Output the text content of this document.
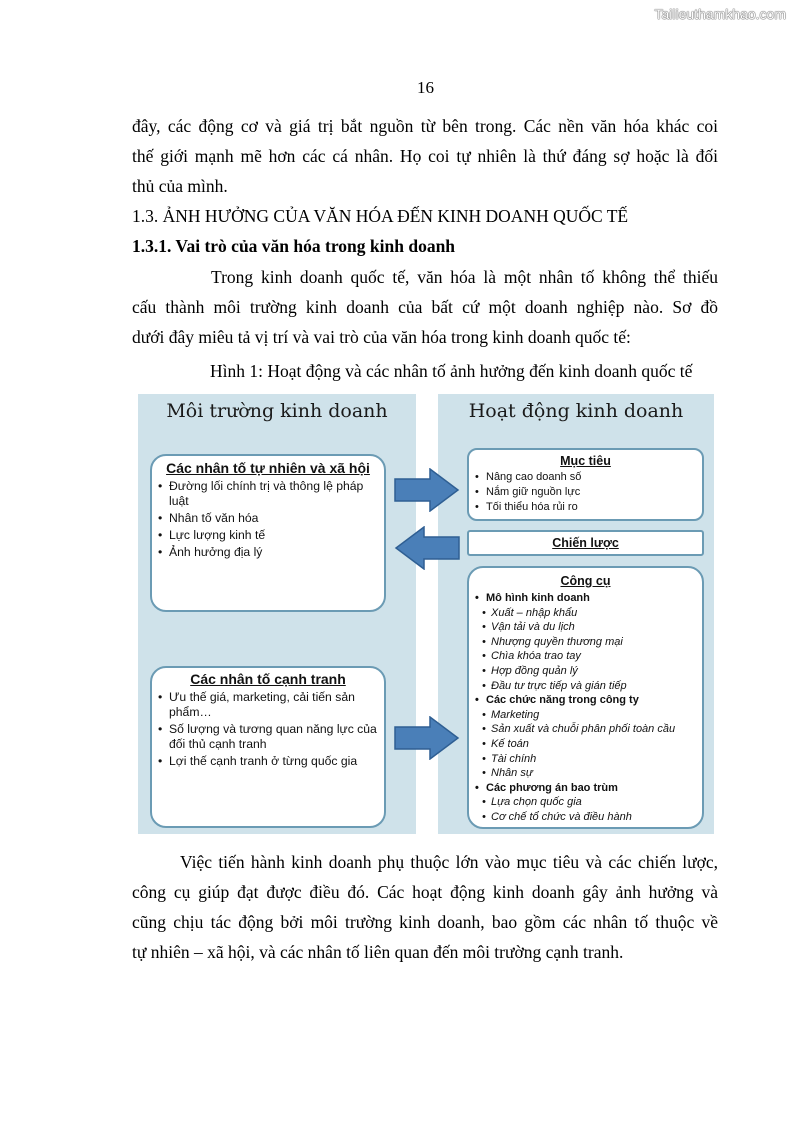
Tailieuthamkhao.com
16
đây, các động cơ và giá trị bắt nguồn từ bên trong. Các nền văn hóa khác coi
thế giới mạnh mẽ hơn các cá nhân. Họ coi tự nhiên là thứ đáng sợ hoặc là đối
thủ của mình.
1.3. ẢNH HƯỞNG CỦA VĂN HÓA ĐẾN KINH DOANH QUỐC TẾ
1.3.1. Vai trò của văn hóa trong kinh doanh
Trong kinh doanh quốc tế, văn hóa là một nhân tố không thể thiếu
cấu thành môi trường kinh doanh của bất cứ một doanh nghiệp nào. Sơ đồ
dưới đây miêu tả vị trí và vai trò của văn hóa trong kinh doanh quốc tế:
Hình 1: Hoạt động và các nhân tố ảnh hưởng đến kinh doanh quốc tế
Môi trường kinh doanh	Hoạt động kinh doanh
Các nhân tố tự nhiên và xã hội
• Đường lối chính trị và thông lệ pháp luật
• Nhân tố văn hóa
• Lực lượng kinh tế
• Ảnh hưởng địa lý
Các nhân tố cạnh tranh
• Ưu thế giá, marketing, cải tiến sản phẩm…
• Số lượng và tương quan năng lực của đối thủ cạnh tranh
• Lợi thế cạnh tranh ở từng quốc gia
Mục tiêu
• Nâng cao doanh số
• Nắm giữ nguồn lực
• Tối thiểu hóa rủi ro
Chiến lược
Công cụ
• Mô hình kinh doanh
• Xuất – nhập khẩu
• Vận tải và du lịch
• Nhượng quyền thương mại
• Chìa khóa trao tay
• Hợp đồng quản lý
• Đầu tư trực tiếp và gián tiếp
• Các chức năng trong công ty
• Marketing
• Sản xuất và chuỗi phân phối toàn cầu
• Kế toán
• Tài chính
• Nhân sự
• Các phương án bao trùm
• Lựa chọn quốc gia
• Cơ chế tổ chức và điều hành
Việc tiến hành kinh doanh phụ thuộc lớn vào mục tiêu và các chiến lược,
công cụ giúp đạt được điều đó. Các hoạt động kinh doanh gây ảnh hưởng và
cũng chịu tác động bởi môi trường kinh doanh, bao gồm các nhân tố thuộc về
tự nhiên – xã hội, và các nhân tố liên quan đến môi trường cạnh tranh.
